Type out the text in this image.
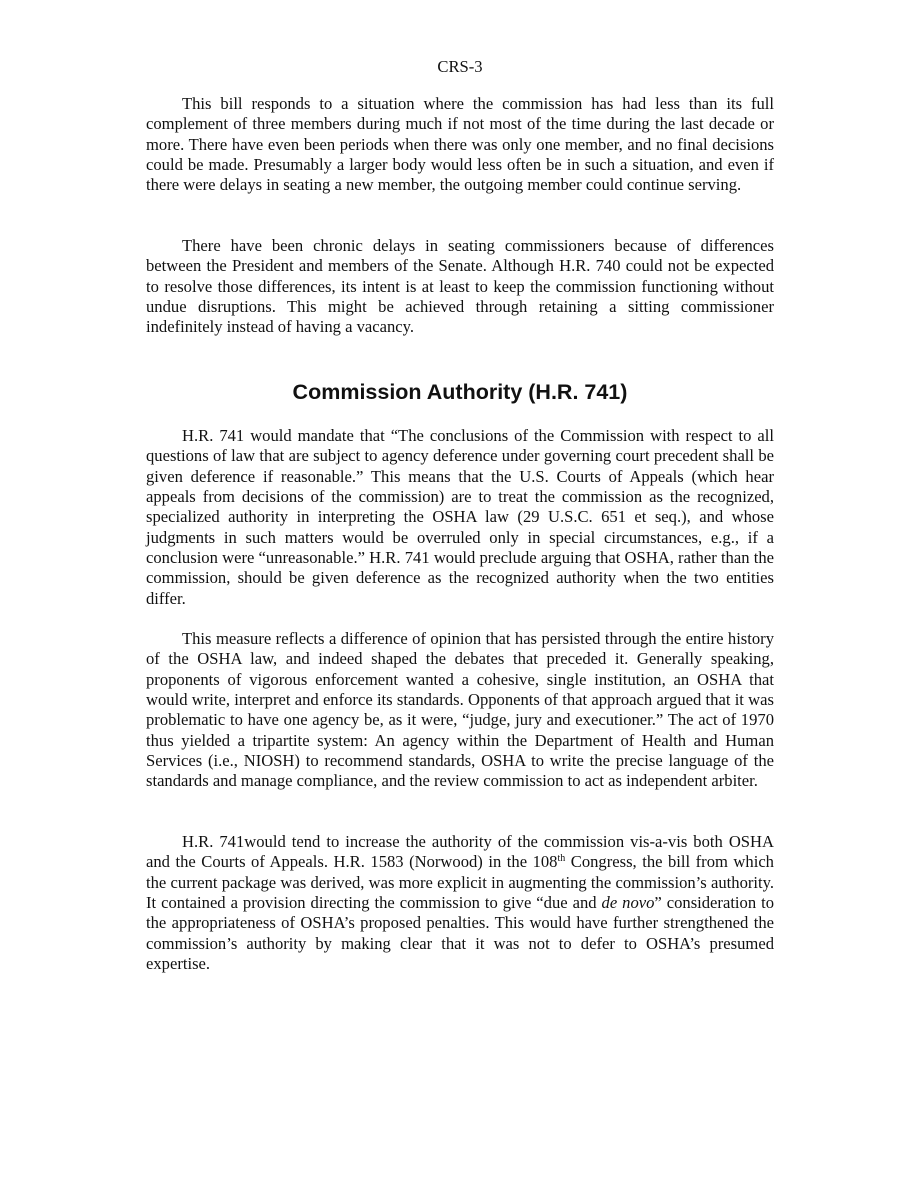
CRS-3

This bill responds to a situation where the commission has had less than its full complement of three members during much if not most of the time during the last decade or more. There have even been periods when there was only one member, and no final decisions could be made. Presumably a larger body would less often be in such a situation, and even if there were delays in seating a new member, the outgoing member could continue serving.

There have been chronic delays in seating commissioners because of differences between the President and members of the Senate. Although H.R. 740 could not be expected to resolve those differences, its intent is at least to keep the commission functioning without undue disruptions. This might be achieved through retaining a sitting commissioner indefinitely instead of having a vacancy.

Commission Authority (H.R. 741)

H.R. 741 would mandate that “The conclusions of the Commission with respect to all questions of law that are subject to agency deference under governing court precedent shall be given deference if reasonable.” This means that the U.S. Courts of Appeals (which hear appeals from decisions of the commission) are to treat the commission as the recognized, specialized authority in interpreting the OSHA law (29 U.S.C. 651 et seq.), and whose judgments in such matters would be overruled only in special circumstances, e.g., if a conclusion were “unreasonable.” H.R. 741 would preclude arguing that OSHA, rather than the commission, should be given deference as the recognized authority when the two entities differ.

This measure reflects a difference of opinion that has persisted through the entire history of the OSHA law, and indeed shaped the debates that preceded it. Generally speaking, proponents of vigorous enforcement wanted a cohesive, single institution, an OSHA that would write, interpret and enforce its standards. Opponents of that approach argued that it was problematic to have one agency be, as it were, “judge, jury and executioner.” The act of 1970 thus yielded a tripartite system: An agency within the Department of Health and Human Services (i.e., NIOSH) to recommend standards, OSHA to write the precise language of the standards and manage compliance, and the review commission to act as independent arbiter.

H.R. 741would tend to increase the authority of the commission vis-a-vis both OSHA and the Courts of Appeals. H.R. 1583 (Norwood) in the 108th Congress, the bill from which the current package was derived, was more explicit in augmenting the commission’s authority. It contained a provision directing the commission to give “due and de novo” consideration to the appropriateness of OSHA’s proposed penalties. This would have further strengthened the commission’s authority by making clear that it was not to defer to OSHA’s presumed expertise.
